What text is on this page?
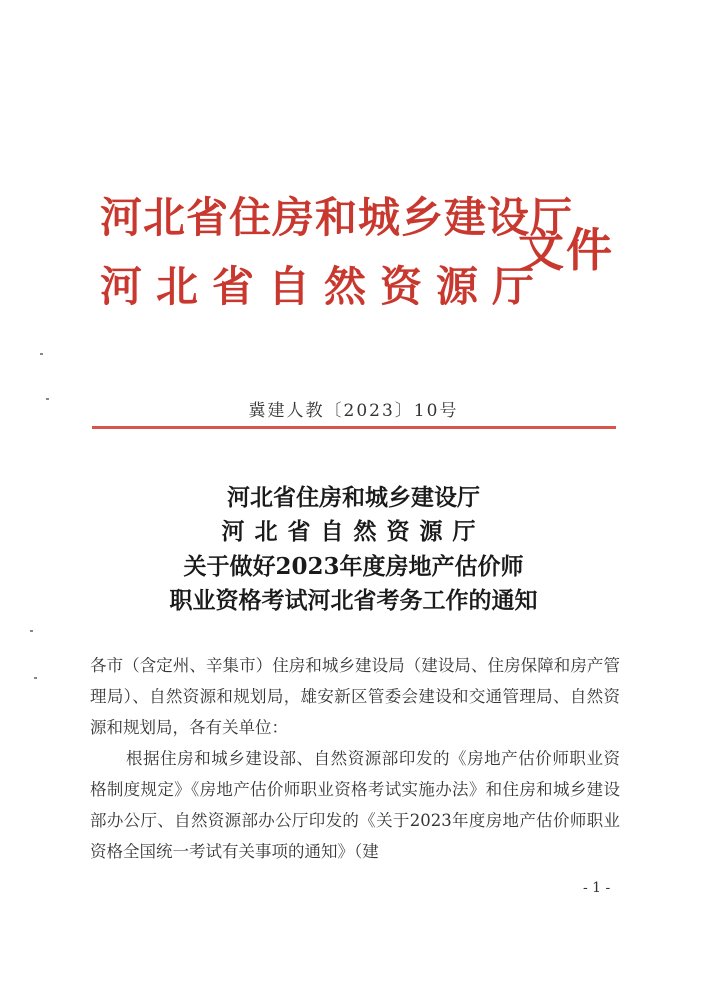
河北省住房和城乡建设厅
河北省自然资源厅
文件
冀建人教〔2023〕10号
河北省住房和城乡建设厅
河北省自然资源厅
关于做好2023年度房地产估价师
职业资格考试河北省考务工作的通知

各市（含定州、辛集市）住房和城乡建设局（建设局、住房保障和房产管理局）、自然资源和规划局，雄安新区管委会建设和交通管理局、自然资源和规划局，各有关单位：

根据住房和城乡建设部、自然资源部印发的《房地产估价师职业资格制度规定》《房地产估价师职业资格考试实施办法》和住房和城乡建设部办公厅、自然资源部办公厅印发的《关于2023年度房地产估价师职业资格全国统一考试有关事项的通知》（建

- 1 -
